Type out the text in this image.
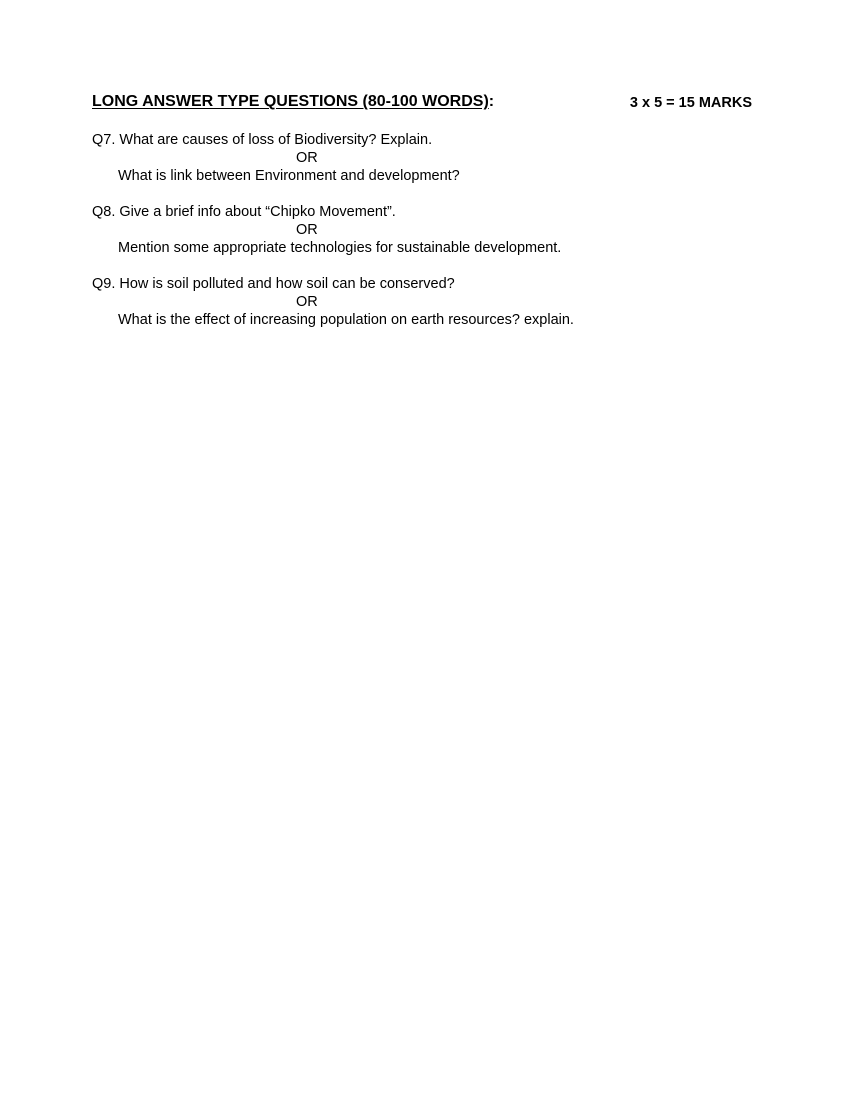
LONG ANSWER TYPE QUESTIONS (80-100 WORDS):	3 x 5 = 15 MARKS
Q7. What are causes of loss of Biodiversity? Explain.
OR
What is link between Environment and development?
Q8. Give a brief info about “Chipko Movement”.
OR
Mention some appropriate technologies for sustainable development.
Q9. How is soil polluted and how soil can be conserved?
OR
What is the effect of increasing population on earth resources? explain.
